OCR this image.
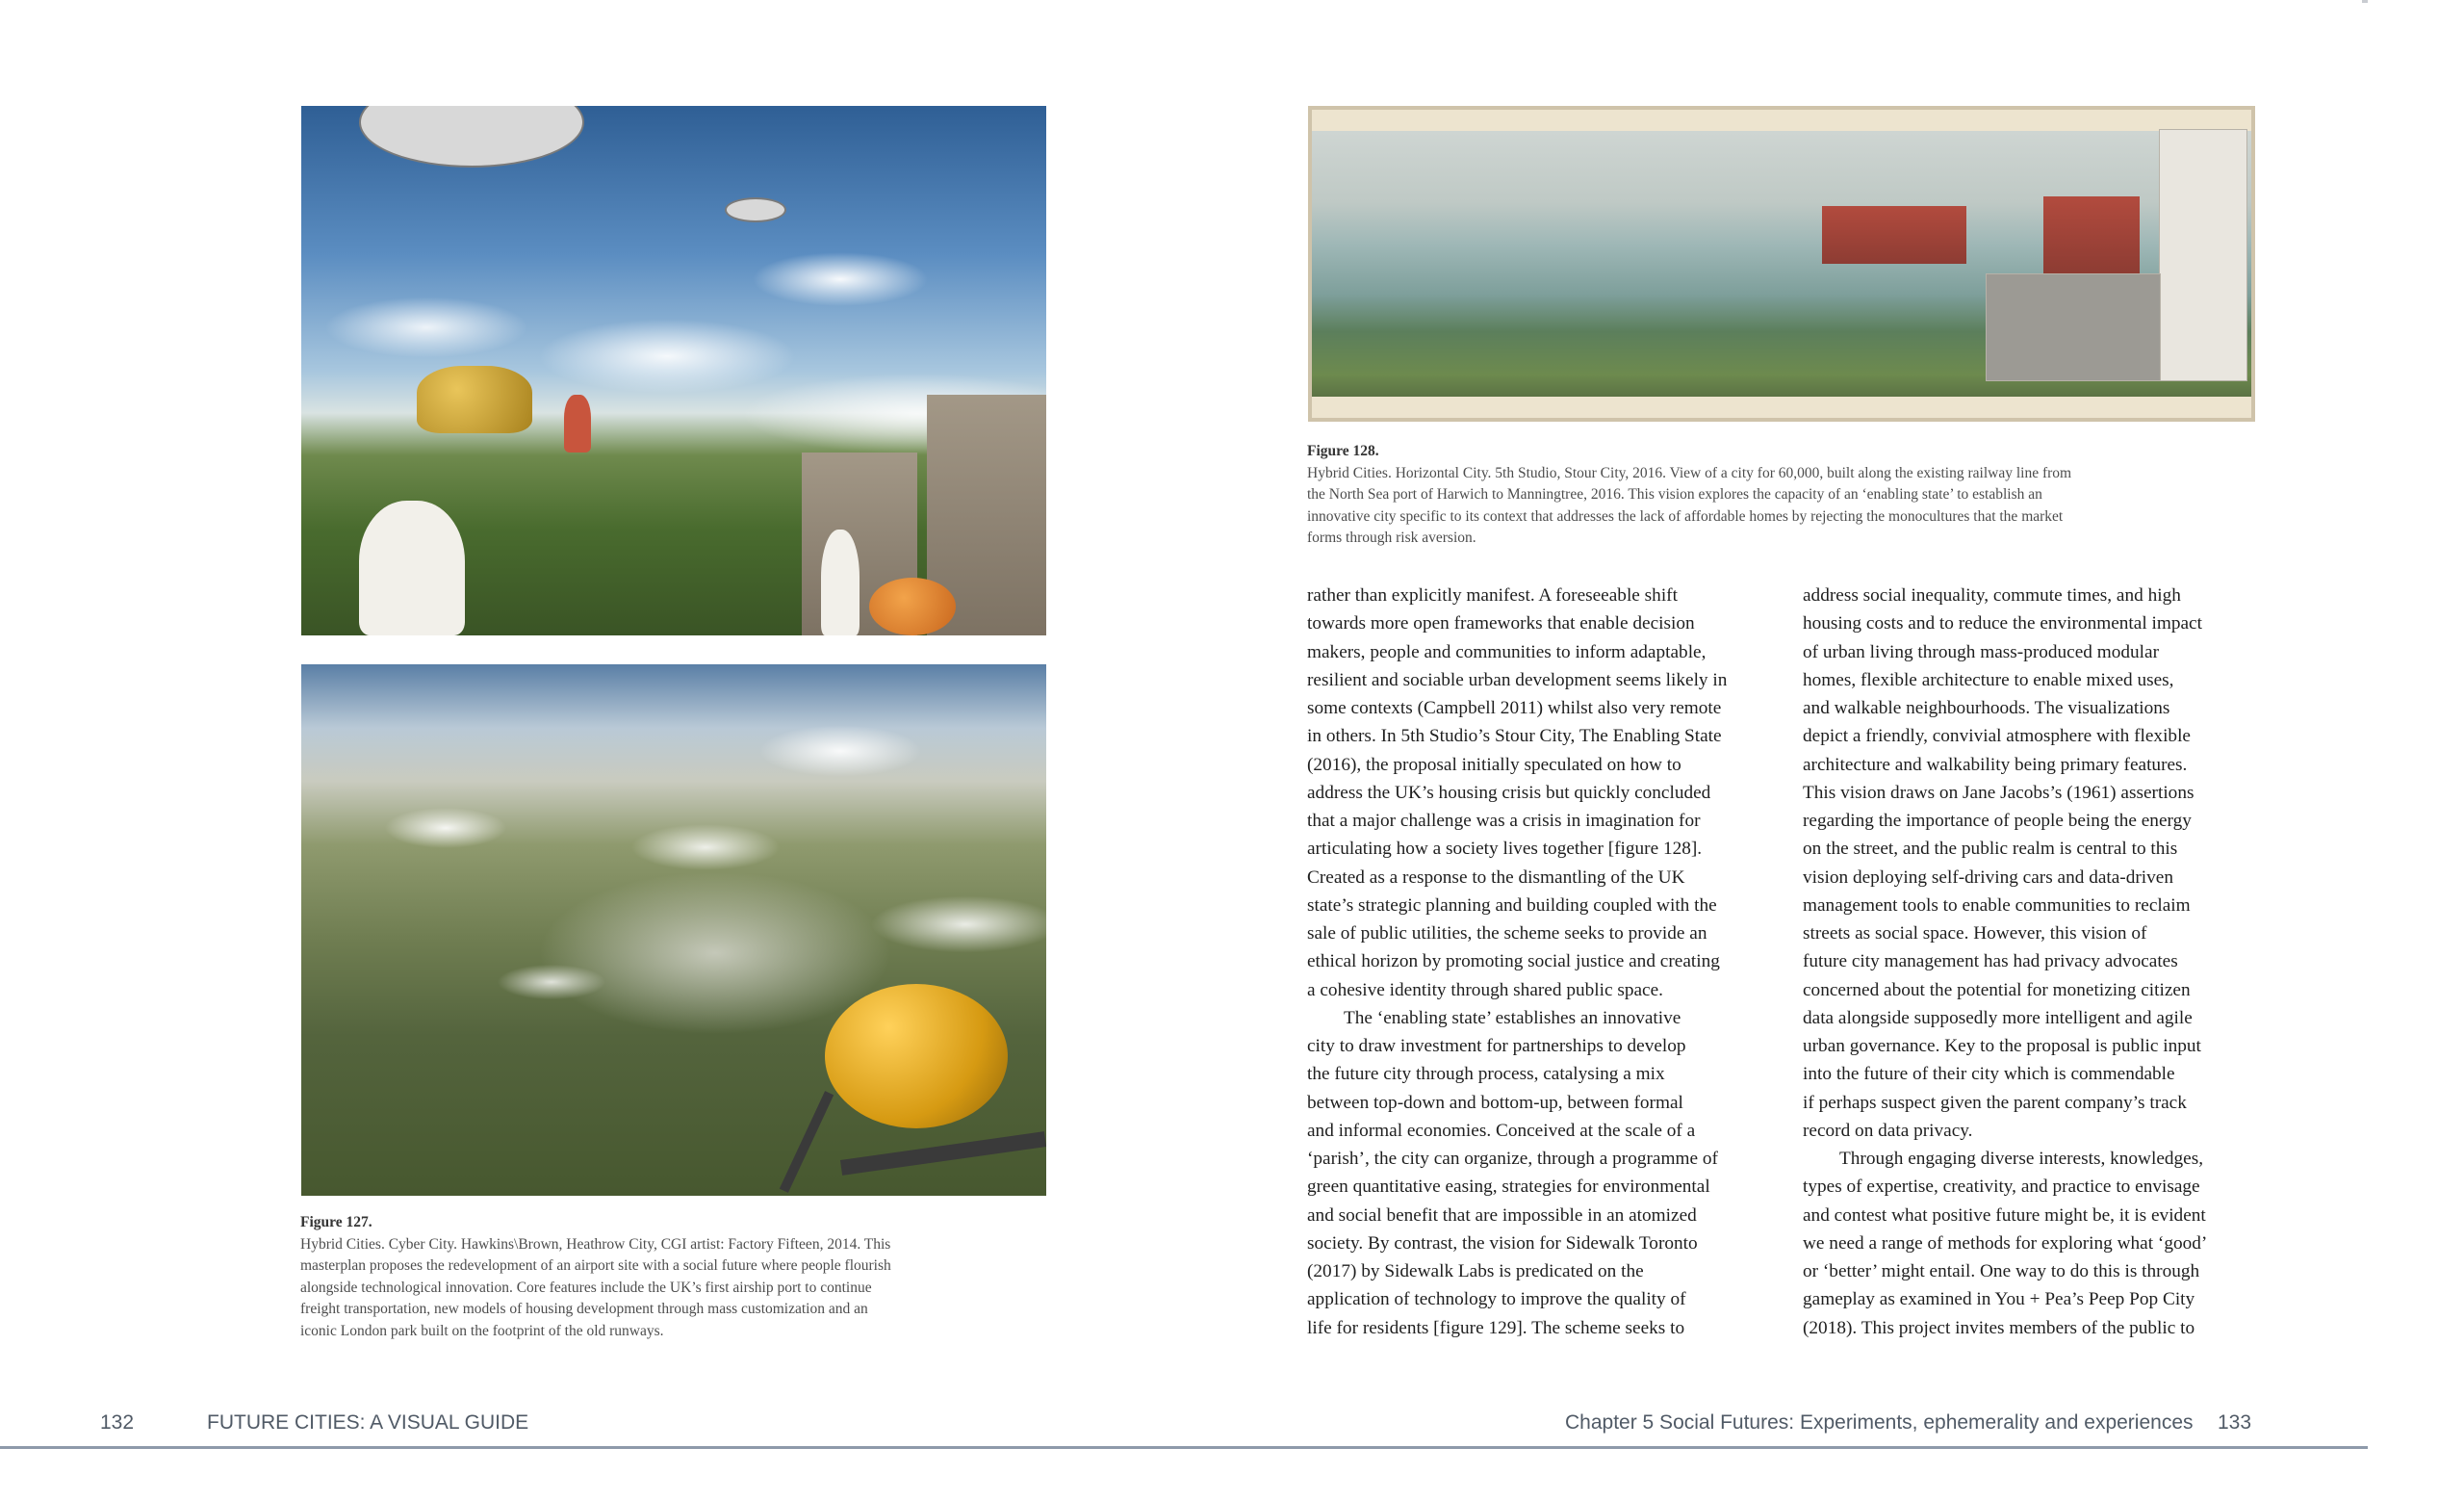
Figure 127.
Hybrid Cities. Cyber City. Hawkins\Brown, Heathrow City, CGI artist: Factory Fifteen, 2014. This
masterplan proposes the redevelopment of an airport site with a social future where people flourish
alongside technological innovation. Core features include the UK’s first airship port to continue
freight transportation, new models of housing development through mass customization and an
iconic London park built on the footprint of the old runways.
Figure 128.
Hybrid Cities. Horizontal City. 5th Studio, Stour City, 2016. View of a city for 60,000, built along the existing railway line from
the North Sea port of Harwich to Manningtree, 2016. This vision explores the capacity of an ‘enabling state’ to establish an
innovative city specific to its context that addresses the lack of affordable homes by rejecting the monocultures that the market
forms through risk aversion.

rather than explicitly manifest. A foreseeable shift

towards more open frameworks that enable decision

makers, people and communities to inform adaptable,

resilient and sociable urban development seems likely in

some contexts (Campbell 2011) whilst also very remote

in others. In 5th Studio’s Stour City, The Enabling State

(2016), the proposal initially speculated on how to

address the UK’s housing crisis but quickly concluded

that a major challenge was a crisis in imagination for

articulating how a society lives together [figure 128].

Created as a response to the dismantling of the UK

state’s strategic planning and building coupled with the

sale of public utilities, the scheme seeks to provide an

ethical horizon by promoting social justice and creating

a cohesive identity through shared public space.

The ‘enabling state’ establishes an innovative

city to draw investment for partnerships to develop

the future city through process, catalysing a mix

between top-down and bottom-up, between formal

and informal economies. Conceived at the scale of a

‘parish’, the city can organize, through a programme of

green quantitative easing, strategies for environmental

and social benefit that are impossible in an atomized

society. By contrast, the vision for Sidewalk Toronto

(2017) by Sidewalk Labs is predicated on the

application of technology to improve the quality of

life for residents [figure 129]. The scheme seeks to

address social inequality, commute times, and high

housing costs and to reduce the environmental impact

of urban living through mass-produced modular

homes, flexible architecture to enable mixed uses,

and walkable neighbourhoods. The visualizations

depict a friendly, convivial atmosphere with flexible

architecture and walkability being primary features.

This vision draws on Jane Jacobs’s (1961) assertions

regarding the importance of people being the energy

on the street, and the public realm is central to this

vision deploying self-driving cars and data-driven

management tools to enable communities to reclaim

streets as social space. However, this vision of

future city management has had privacy advocates

concerned about the potential for monetizing citizen

data alongside supposedly more intelligent and agile

urban governance. Key to the proposal is public input

into the future of their city which is commendable

if perhaps suspect given the parent company’s track

record on data privacy.

Through engaging diverse interests, knowledges,

types of expertise, creativity, and practice to envisage

and contest what positive future might be, it is evident

we need a range of methods for exploring what ‘good’

or ‘better’ might entail. One way to do this is through

gameplay as examined in You + Pea’s Peep Pop City

(2018). This project invites members of the public to

132	FUTURE CITIES: A VISUAL GUIDE	Chapter 5 Social Futures: Experiments, ephemerality and experiences 133
